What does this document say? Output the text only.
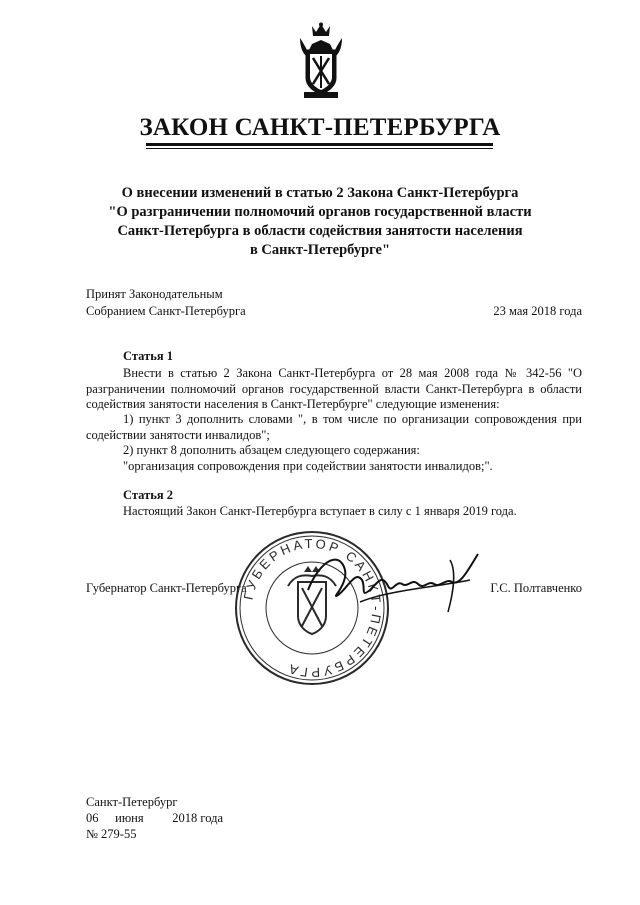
ЗАКОН САНКТ-ПЕТЕРБУРГА
О внесении изменений в статью 2 Закона Санкт-Петербурга
"О разграничении полномочий органов государственной власти
Санкт-Петербурга в области содействия занятости населения
в Санкт-Петербурге"
Принят Законодательным
Собранием Санкт-Петербурга	23 мая 2018 года
Статья 1
Внести в статью 2 Закона Санкт-Петербурга от 28 мая 2008 года № 342-56 "О разграничении полномочий органов государственной власти Санкт-Петербурга в области содействия занятости населения в Санкт-Петербурге" следующие изменения:
1) пункт 3 дополнить словами ", в том числе по организации сопровождения при содействии занятости инвалидов";
2) пункт 8 дополнить абзацем следующего содержания:
"организация сопровождения при содействии занятости инвалидов;".
Статья 2
Настоящий Закон Санкт-Петербурга вступает в силу с 1 января 2019 года.
Губернатор Санкт-Петербурга	Г.С. Полтавченко
ГУБЕРНАТОР САНКТ-ПЕТЕРБУРГА
Санкт-Петербург
06 июня 2018 года
№ 279-55
